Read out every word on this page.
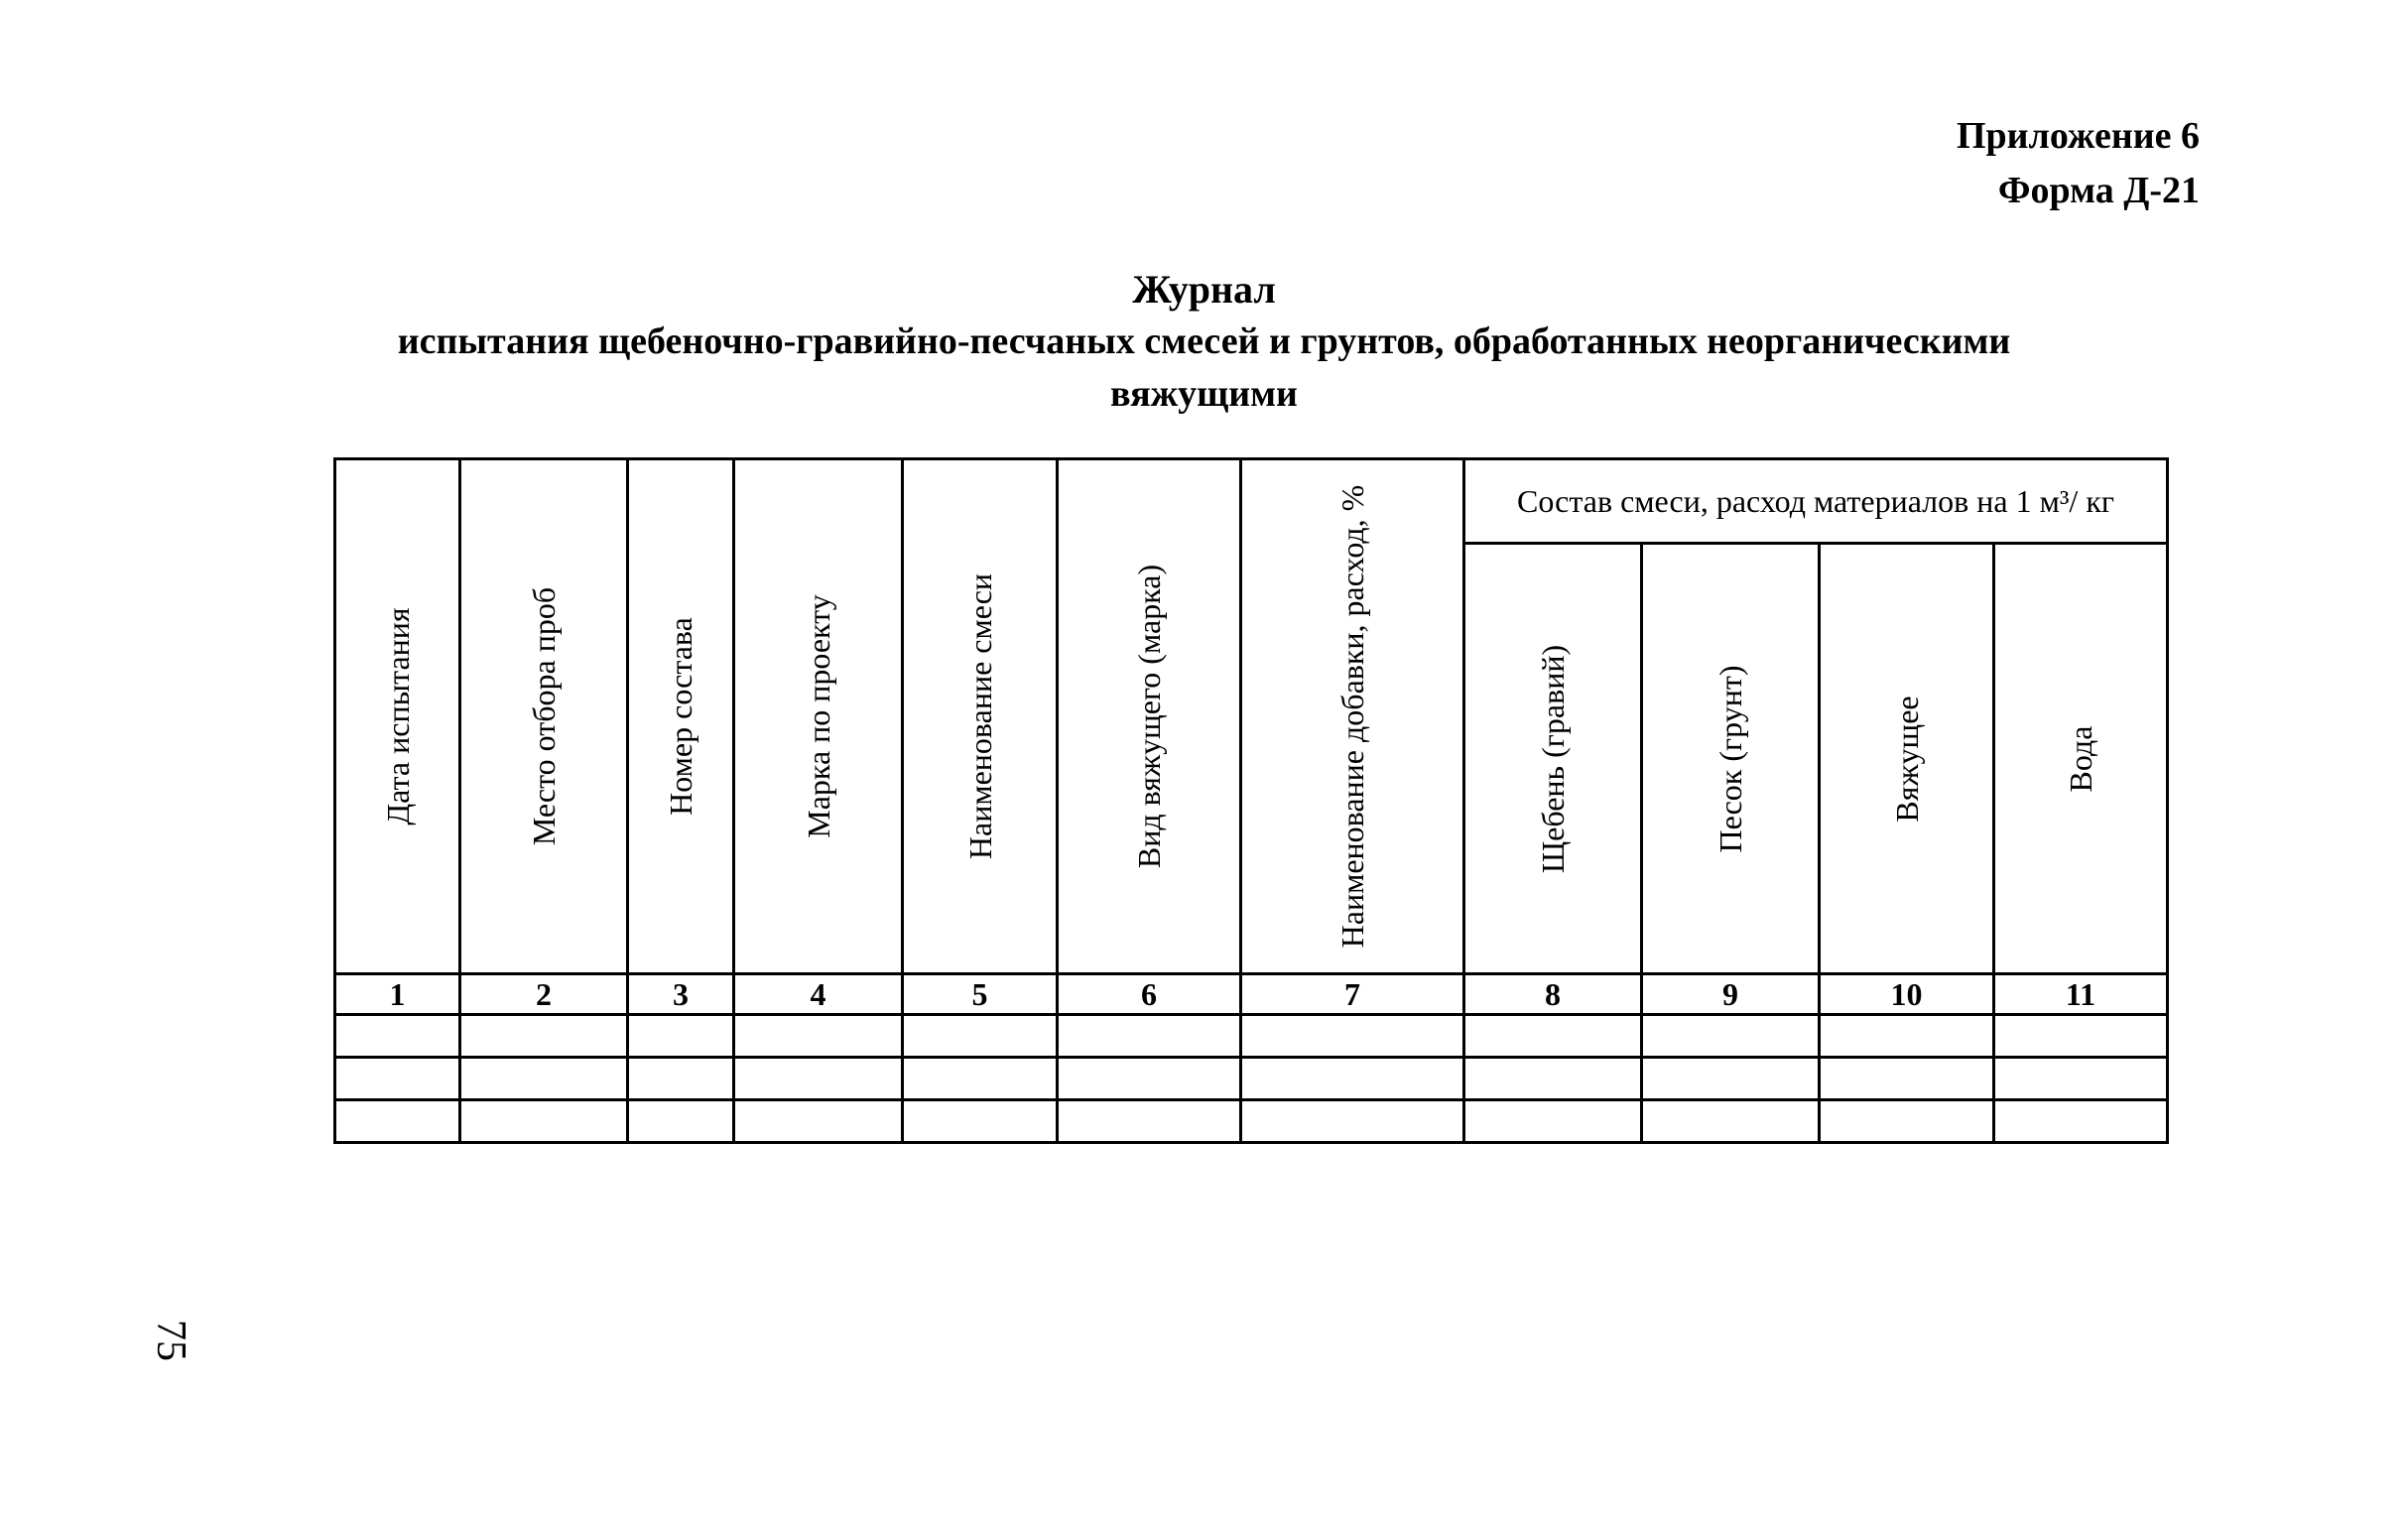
Приложение 6
Форма Д-21
Журнал
испытания щебеночно-гравийно-песчаных смесей и грунтов, обработанных неорганическими
вяжущими
Дата испытания	Место отбора проб	Номер состава	Марка по проекту	Наименование смеси	Вид вяжущего (марка)	Наименование добавки, расход, %	Состав смеси, расход материалов на 1 м³/ кг			

							Щебень (гравий)	Песок (грунт)	Вяжущее	Вода

1	2	3	4	5	6	7	8	9	10	11

75
